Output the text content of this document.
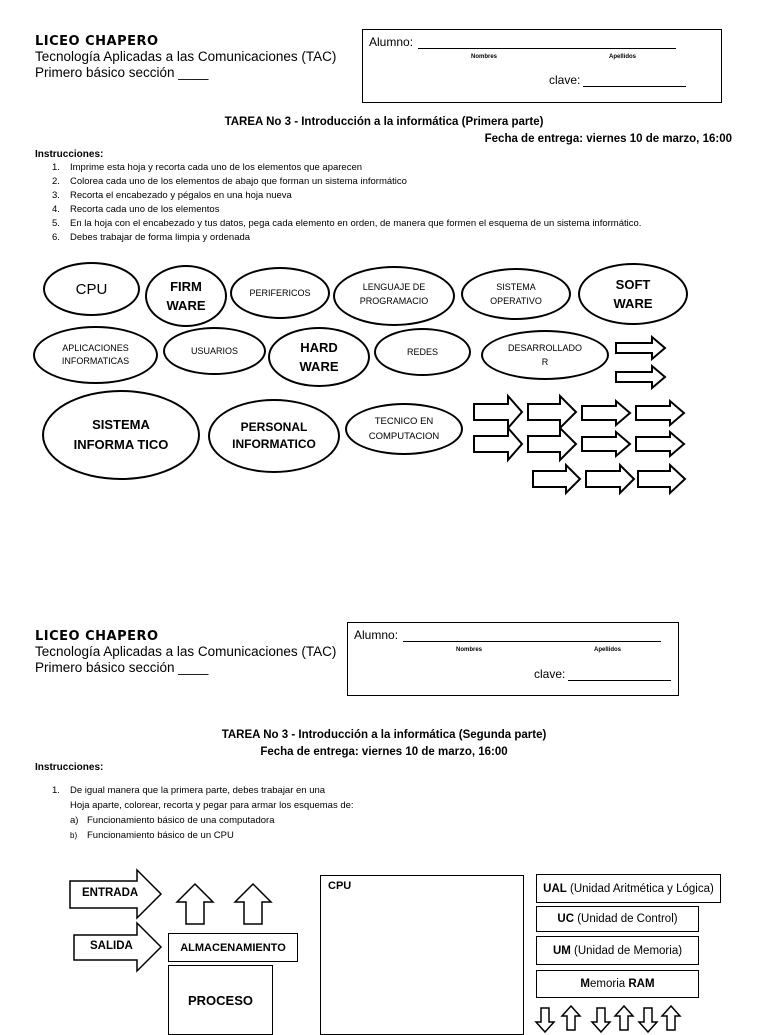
LICEO CHAPERO
Tecnología Aplicadas a las Comunicaciones (TAC)
Primero básico sección ____
Alumno:
Nombres	Apellidos
clave:
TAREA No 3 - Introducción a la informática (Primera parte)
Fecha de entrega: viernes 10 de marzo, 16:00
Instrucciones:
1. Imprime esta hoja y recorta cada uno de los elementos que aparecen
2. Colorea cada uno de los elementos de abajo que forman un sistema informático
3. Recorta el encabezado y pégalos en una hoja nueva
4. Recorta cada uno de los elementos
5. En la hoja con el encabezado y tus datos, pega cada elemento en orden, de manera que formen el esquema de un sistema informático.
6. Debes trabajar de forma limpia y ordenada
CPU	FIRM
WARE
PERIFERICOS
LENGUAJE DE
PROGRAMACIO
SISTEMA
OPERATIVO
SOFT
WARE
APLICACIONES
INFORMATICAS
USUARIOS	HARD
WARE
REDES	DESARROLLADO
R
SISTEMA
INFORMA TICO
PERSONAL
INFORMATICO
TECNICO EN
COMPUTACION
LICEO CHAPERO
Tecnología Aplicadas a las Comunicaciones (TAC)
Primero básico sección ____
Alumno:
Nombres	Apellidos
clave:
TAREA No 3 - Introducción a la informática (Segunda parte)
Fecha de entrega: viernes 10 de marzo, 16:00
Instrucciones:
1. De igual manera que la primera parte, debes trabajar en una
Hoja aparte, colorear, recorta y pegar para armar los esquemas de:
a) Funcionamiento básico de una computadora
b) Funcionamiento básico de un CPU
ENTRADA
SALIDA	ALMACENAMIENTO
PROCESO
CPU	UAL (Unidad Aritmética y Lógica)
UC (Unidad de Control)
UM (Unidad de Memoria)
Memoria RAM
